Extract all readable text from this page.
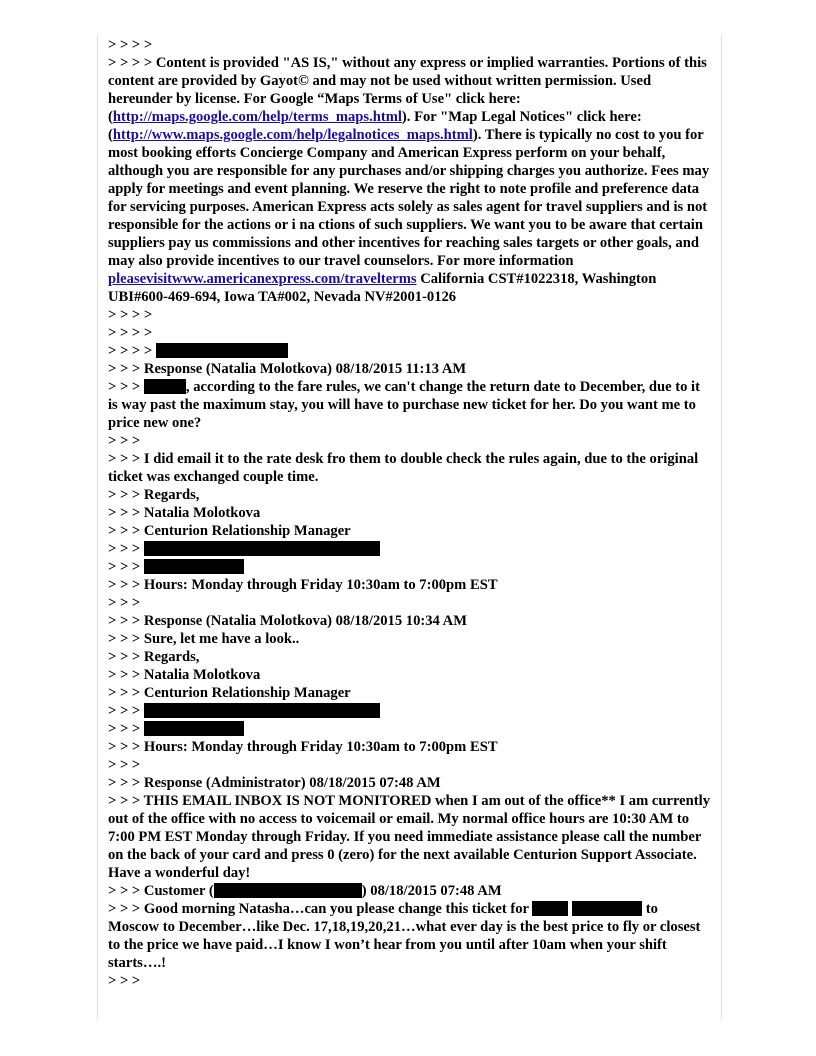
> > > >
> > > > Content is provided "AS IS," without any express or implied warranties. Portions of this content are provided by Gayot© and may not be used without written permission. Used hereunder by license. For Google “Maps Terms of Use" click here: (http://maps.google.com/help/terms_maps.html). For "Map Legal Notices" click here: (http://www.maps.google.com/help/legalnotices_maps.html). There is typically no cost to you for most booking efforts Concierge Company and American Express perform on your behalf, although you are responsible for any purchases and/or shipping charges you authorize. Fees may apply for meetings and event planning. We reserve the right to note profile and preference data for servicing purposes. American Express acts solely as sales agent for travel suppliers and is not responsible for the actions or i na ctions of such suppliers. We want you to be aware that certain suppliers pay us commissions and other incentives for reaching sales targets or other goals, and may also provide incentives to our travel counselors. For more information
pleasevisitwww.americanexpress.com/travelterms California CST#1022318, Washington UBI#600-469-694, Iowa TA#002, Nevada NV#2001-0126
> > > >
> > > >
> > > >
> > > Response (Natalia Molotkova) 08/18/2015 11:13 AM
> > >	, according to the fare rules, we can't change the return date to December, due to it is way past the maximum stay, you will have to purchase new ticket for her. Do you want me to price new one?
> > >
> > > I did email it to the rate desk fro them to double check the rules again, due to the original ticket was exchanged couple time.
> > > Regards,
> > > Natalia Molotkova
> > > Centurion Relationship Manager
> > >
> > >
> > > Hours: Monday through Friday 10:30am to 7:00pm EST
> > >
> > > Response (Natalia Molotkova) 08/18/2015 10:34 AM
> > > Sure, let me have a look..
> > > Regards,
> > > Natalia Molotkova
> > > Centurion Relationship Manager
> > >
> > >
> > > Hours: Monday through Friday 10:30am to 7:00pm EST
> > >
> > > Response (Administrator) 08/18/2015 07:48 AM
> > > THIS EMAIL INBOX IS NOT MONITORED when I am out of the office** I am currently out of the office with no access to voicemail or email. My normal office hours are 10:30 AM to 7:00 PM EST Monday through Friday. If you need immediate assistance please call the number on the back of your card and press 0 (zero) for the next available Centurion Support Associate. Have a wonderful day!
> > > Customer (	) 08/18/2015 07:48 AM
> > > Good morning Natasha…can you please change this ticket for	to Moscow to December…like Dec. 17,18,19,20,21…what ever day is the best price to fly or closest to the price we have paid…I know I won’t hear from you until after 10am when your shift starts….!
> > >
